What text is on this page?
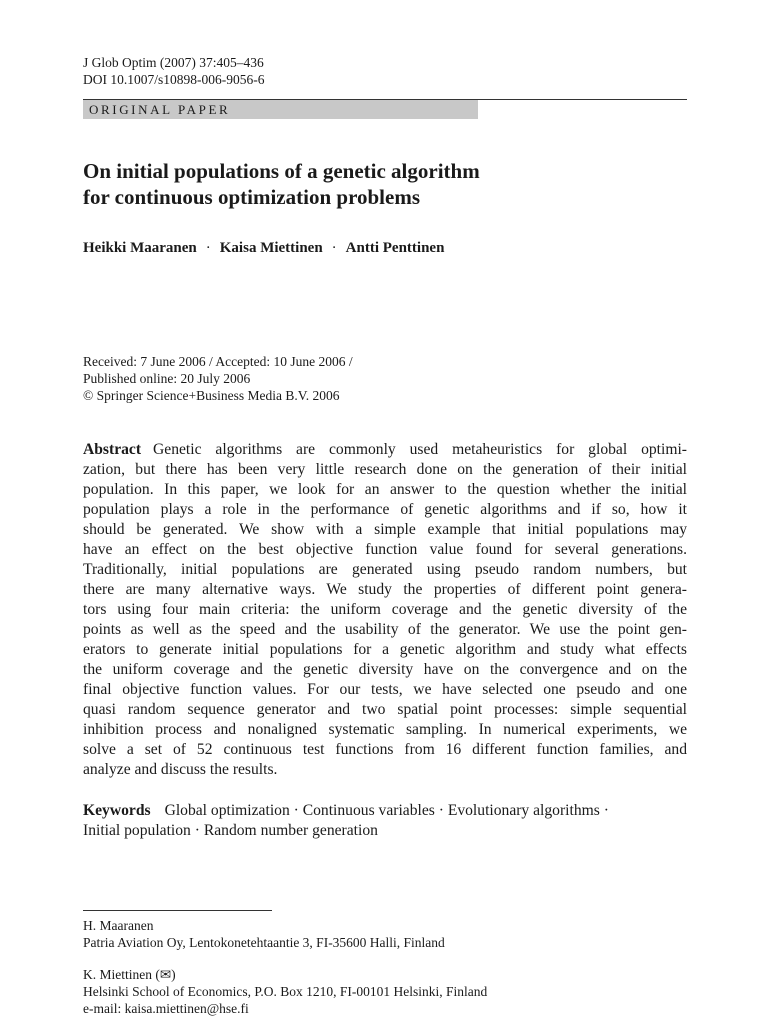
J Glob Optim (2007) 37:405–436
DOI 10.1007/s10898-006-9056-6
ORIGINAL PAPER
On initial populations of a genetic algorithm
for continuous optimization problems
Heikki Maaranen · Kaisa Miettinen · Antti Penttinen
Received: 7 June 2006 / Accepted: 10 June 2006 /
Published online: 20 July 2006
© Springer Science+Business Media B.V. 2006
Abstract Genetic algorithms are commonly used metaheuristics for global optimi-
zation, but there has been very little research done on the generation of their initial
population. In this paper, we look for an answer to the question whether the initial
population plays a role in the performance of genetic algorithms and if so, how it
should be generated. We show with a simple example that initial populations may
have an effect on the best objective function value found for several generations.
Traditionally, initial populations are generated using pseudo random numbers, but
there are many alternative ways. We study the properties of different point genera-
tors using four main criteria: the uniform coverage and the genetic diversity of the
points as well as the speed and the usability of the generator. We use the point gen-
erators to generate initial populations for a genetic algorithm and study what effects
the uniform coverage and the genetic diversity have on the convergence and on the
final objective function values. For our tests, we have selected one pseudo and one
quasi random sequence generator and two spatial point processes: simple sequential
inhibition process and nonaligned systematic sampling. In numerical experiments, we
solve a set of 52 continuous test functions from 16 different function families, and
analyze and discuss the results.
Keywords Global optimization · Continuous variables · Evolutionary algorithms ·
Initial population · Random number generation
H. Maaranen
Patria Aviation Oy, Lentokonetehtaantie 3, FI-35600 Halli, Finland
K. Miettinen (✉)
Helsinki School of Economics, P.O. Box 1210, FI-00101 Helsinki, Finland
e-mail: kaisa.miettinen@hse.fi
